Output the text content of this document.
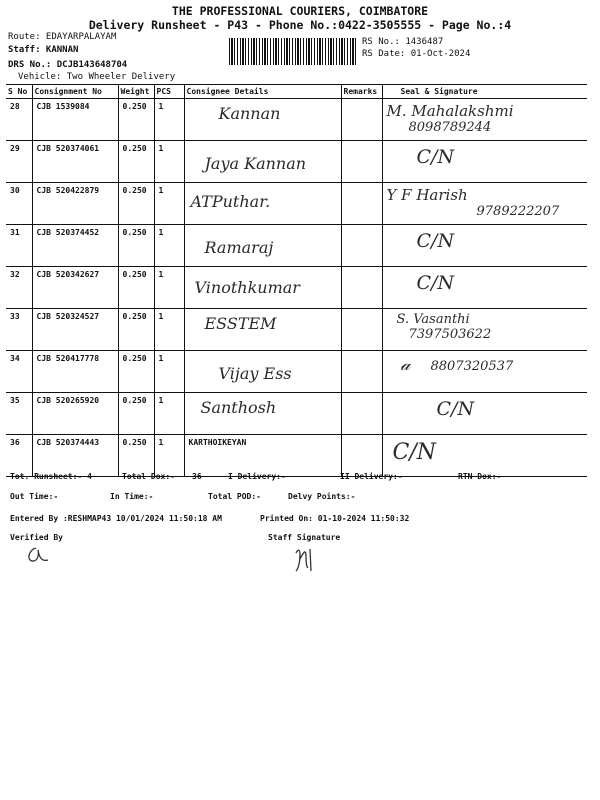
THE PROFESSIONAL COURIERS, COIMBATORE
Delivery Runsheet - P43 - Phone No.:0422-3505555 - Page No.:4
Route: EDAYARPALAYAM
Staff: KANNAN
DRS No.: DCJB143648704
Vehicle: Two Wheeler Delivery
RS No.: 1436487
RS Date: 01-Oct-2024
S No	Consignment No	Weight	PCS	Consignee Details	Remarks	Seal & Signature
28	CJB 1539084	0.250	1	Kannan		M. Mahalakshmi
8098789244

29	CJB 520374061	0.250	1	Jaya Kannan		C/N

30	CJB 520422879	0.250	1	ATPuthar.		Y F Harish
9789222207

31	CJB 520374452	0.250	1	Ramaraj		C/N

32	CJB 520342627	0.250	1	Vinothkumar		C/N

33	CJB 520324527	0.250	1	ESSTEM		S. Vasanthi
7397503622

34	CJB 520417778	0.250	1	Vijay Ess		𝒶 8807320537

35	CJB 520265920	0.250	1	Santhosh		C/N

36	CJB 520374443	0.250	1	KARTHOIKEYAN		C/N
Tot. Runsheet:- 4	Total Dox:- 36	I Delivery:-	II Delivery:-	RTN Dox:-
Out Time:-	In Time:-	Total POD:-	Delvy Points:-
Entered By :RESHMAP43 10/01/2024 11:50:18 AM	Printed On: 01-10-2024 11:50:32
Verified By	Staff Signature
